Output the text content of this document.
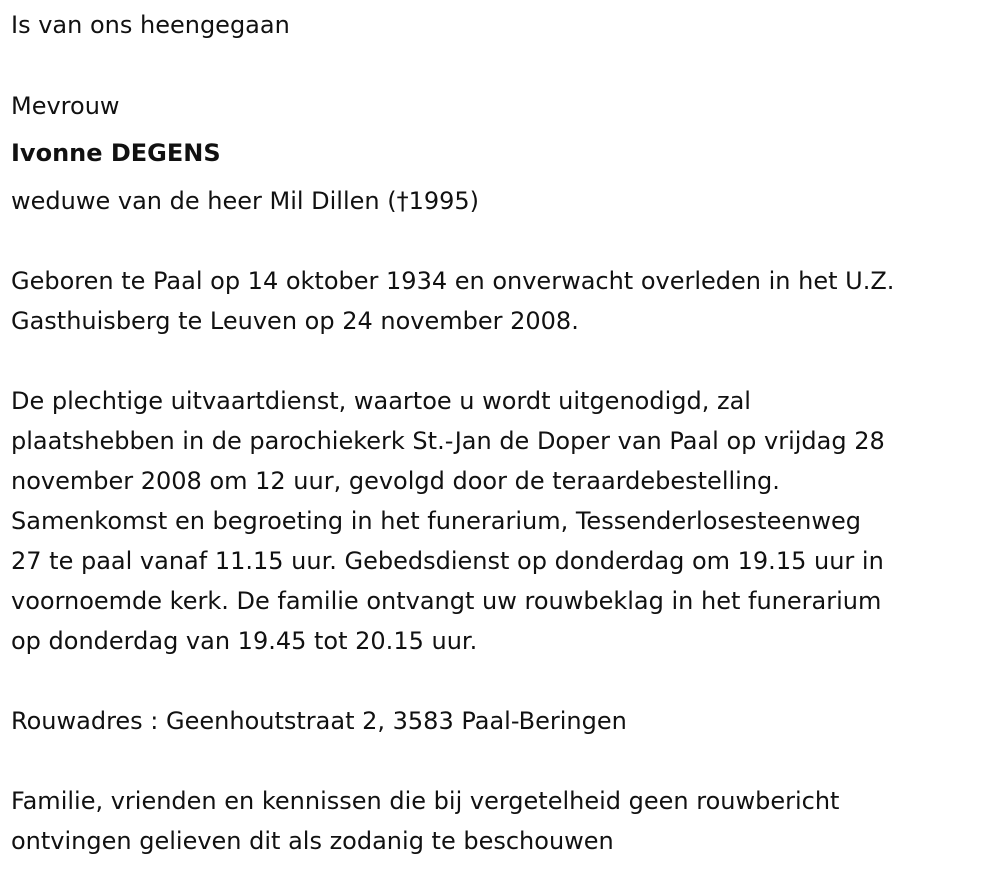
Is van ons heengegaan
Mevrouw
Ivonne DEGENS
weduwe van de heer Mil Dillen (†1995)
Geboren te Paal op 14 oktober 1934 en onverwacht overleden in het U.Z.
Gasthuisberg te Leuven op 24 november 2008.
De plechtige uitvaartdienst, waartoe u wordt uitgenodigd, zal
plaatshebben in de parochiekerk St.-Jan de Doper van Paal op vrijdag 28
november 2008 om 12 uur, gevolgd door de teraardebestelling.
Samenkomst en begroeting in het funerarium, Tessenderlosesteenweg
27 te paal vanaf 11.15 uur. Gebedsdienst op donderdag om 19.15 uur in
voornoemde kerk. De familie ontvangt uw rouwbeklag in het funerarium
op donderdag van 19.45 tot 20.15 uur.
Rouwadres : Geenhoutstraat 2, 3583 Paal-Beringen
Familie, vrienden en kennissen die bij vergetelheid geen rouwbericht
ontvingen gelieven dit als zodanig te beschouwen
